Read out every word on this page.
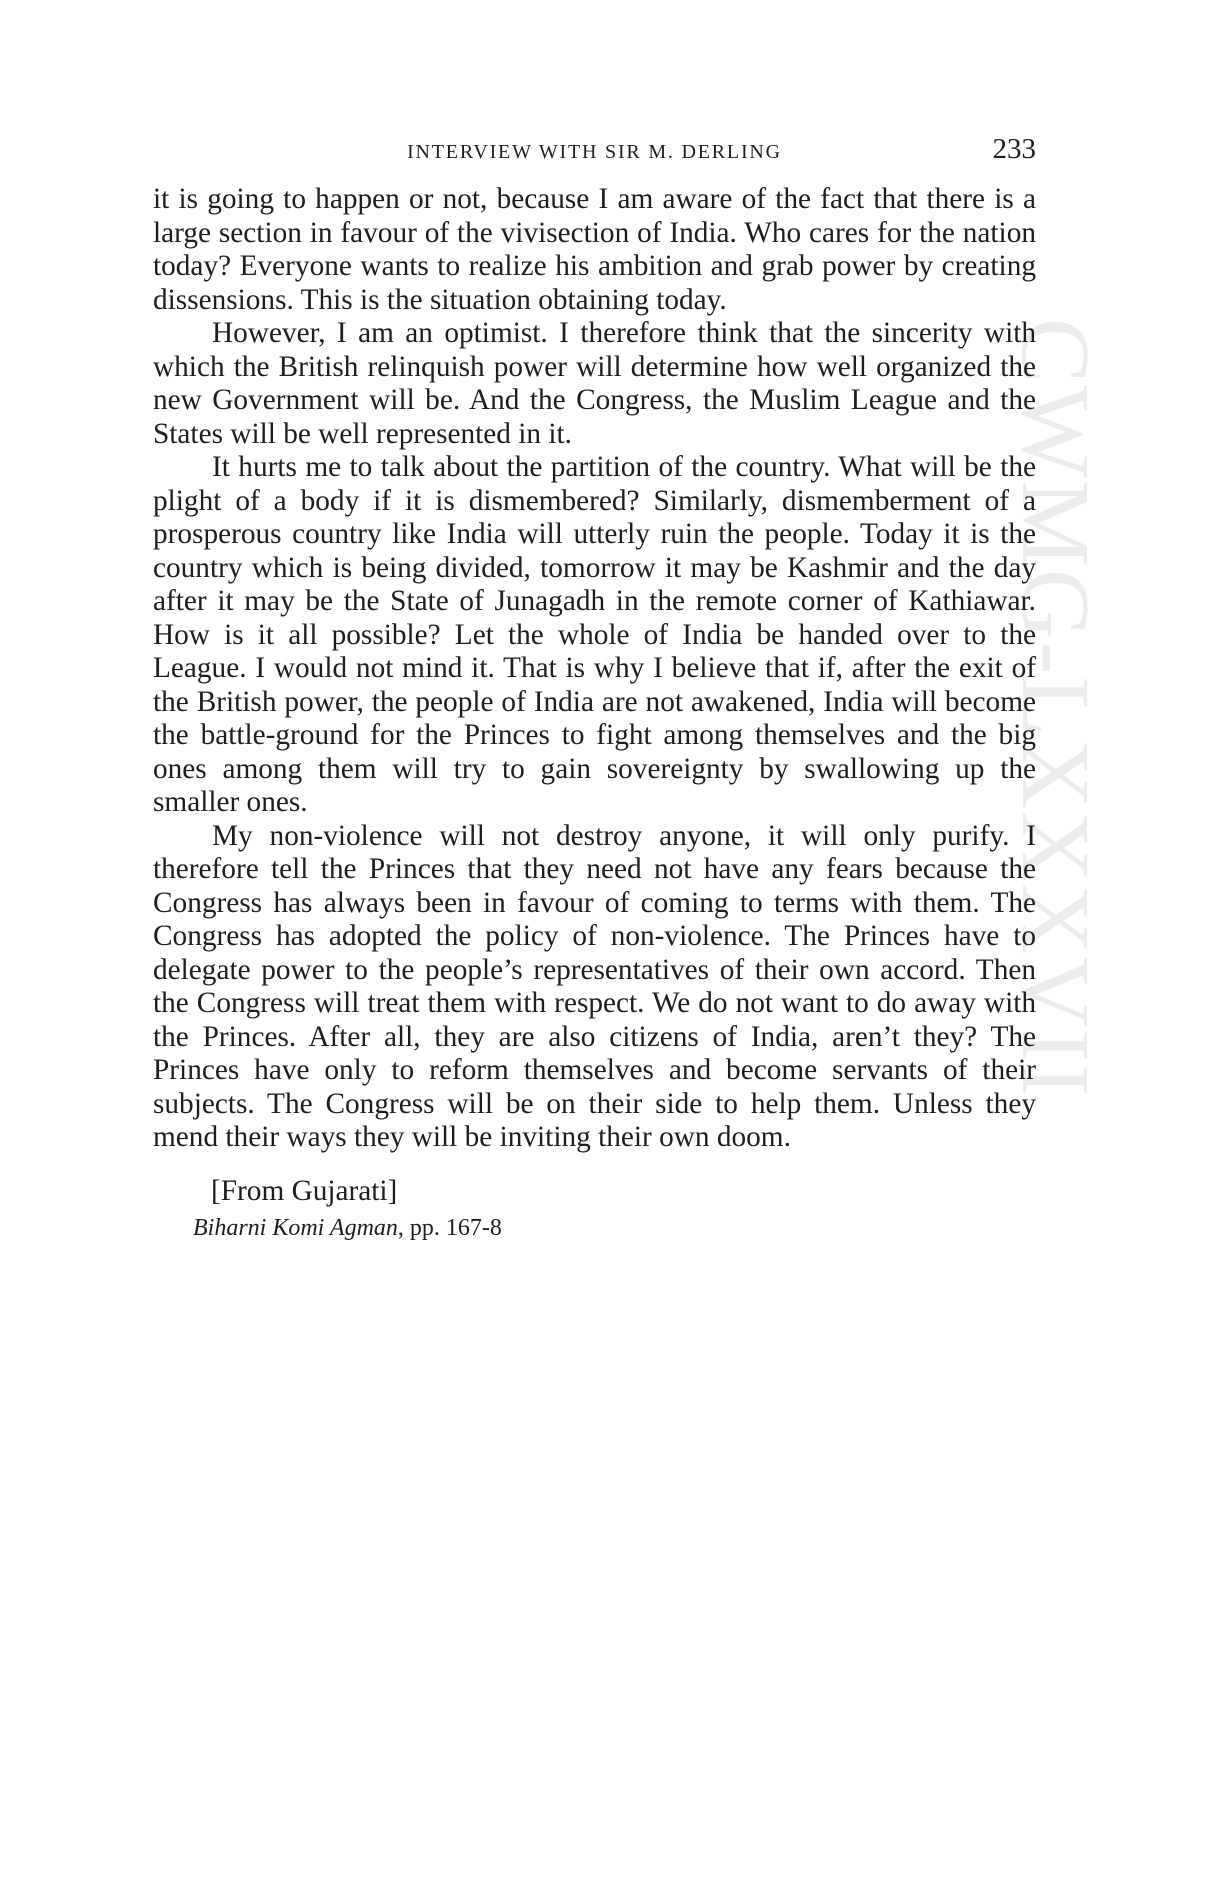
CWMG-LXXXVII
INTERVIEW WITH SIR M. DERLING	233

it is going to happen or not, because I am aware of the fact that there is a large section in favour of the vivisection of India. Who cares for the nation today? Everyone wants to realize his ambition and grab power by creating dissensions. This is the situation obtaining today.

However, I am an optimist. I therefore think that the sincerity with which the British relinquish power will determine how well organized the new Government will be. And the Congress, the Muslim League and the States will be well represented in it.

It hurts me to talk about the partition of the country. What will be the plight of a body if it is dismembered? Similarly, dismemberment of a prosperous country like India will utterly ruin the people. Today it is the country which is being divided, tomorrow it may be Kashmir and the day after it may be the State of Junagadh in the remote corner of Kathiawar. How is it all possible? Let the whole of India be handed over to the League. I would not mind it. That is why I believe that if, after the exit of the British power, the people of India are not awakened, India will become the battle-ground for the Princes to fight among themselves and the big ones among them will try to gain sovereignty by swallowing up the smaller ones.

My non-violence will not destroy anyone, it will only purify. I therefore tell the Princes that they need not have any fears because the Congress has always been in favour of coming to terms with them. The Congress has adopted the policy of non-violence. The Princes have to delegate power to the people’s representatives of their own accord. Then the Congress will treat them with respect. We do not want to do away with the Princes. After all, they are also citizens of India, aren’t they? The Princes have only to reform themselves and become servants of their subjects. The Congress will be on their side to help them. Unless they mend their ways they will be inviting their own doom.

[From Gujarati]

Biharni Komi Agman, pp. 167-8
